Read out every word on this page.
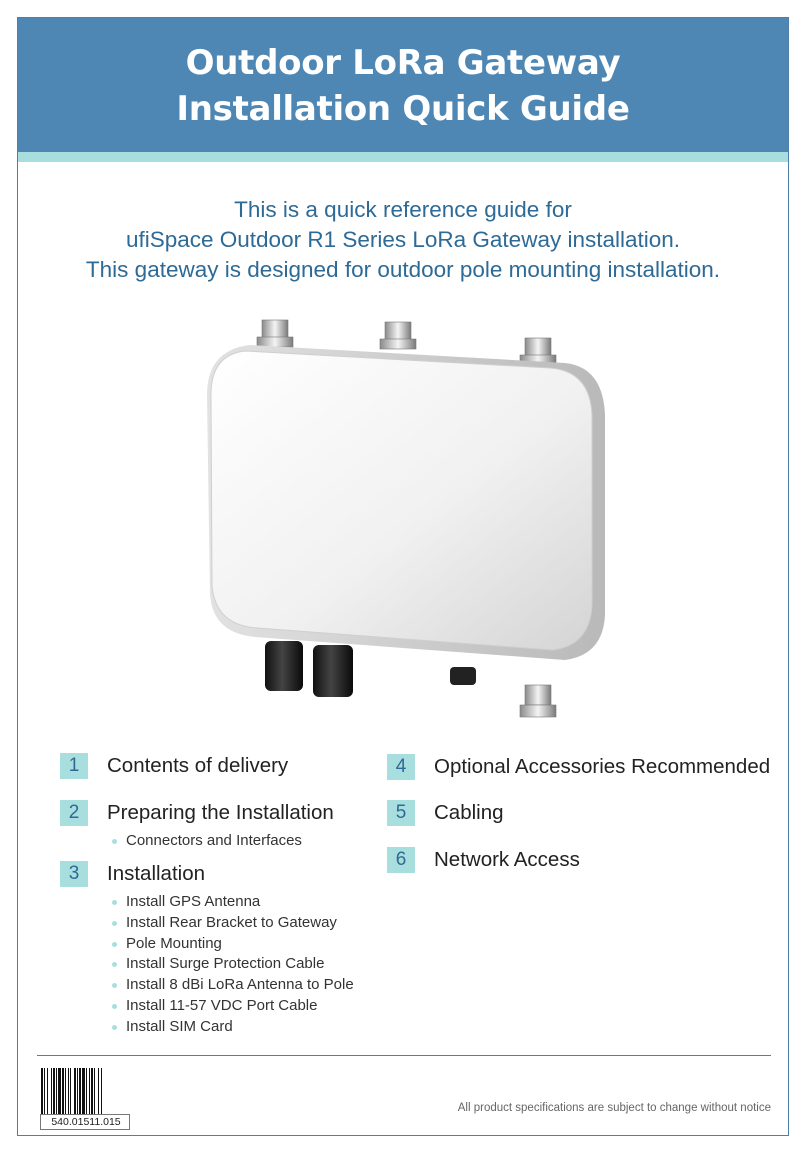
Outdoor LoRa Gateway
Installation Quick Guide
This is a quick reference guide for
ufiSpace Outdoor R1 Series LoRa Gateway installation.
This gateway is designed for outdoor pole mounting installation.
1	Contents of delivery
2	Preparing the Installation
Connectors and Interfaces
3	Installation
Install GPS Antenna
Install Rear Bracket to Gateway
Pole Mounting
Install Surge Protection Cable
Install 8 dBi LoRa Antenna to Pole
Install 11-57 VDC Port Cable
Install SIM Card
4	Optional Accessories Recommended
5	Cabling
6	Network Access
540.01511.015
All product specifications are subject to change without notice
